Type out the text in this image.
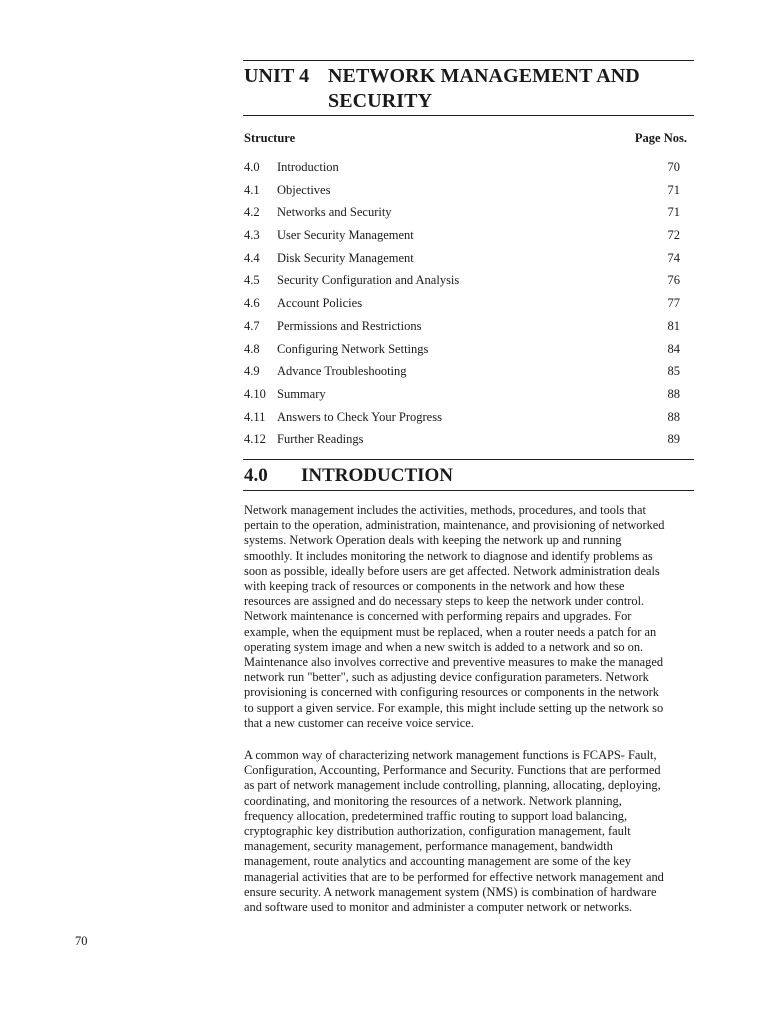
UNIT 4 NETWORK MANAGEMENT AND
SECURITY
Structure	Page Nos.
4.0 Introduction	70
4.1 Objectives	71
4.2 Networks and Security	71
4.3 User Security Management	72
4.4 Disk Security Management	74
4.5 Security Configuration and Analysis	76
4.6 Account Policies	77
4.7 Permissions and Restrictions	81
4.8 Configuring Network Settings	84
4.9 Advance Troubleshooting	85
4.10 Summary	88
4.11 Answers to Check Your Progress	88
4.12 Further Readings	89
4.0 INTRODUCTION

Network management includes the activities, methods, procedures, and tools that
pertain to the operation, administration, maintenance, and provisioning of networked
systems. Network Operation deals with keeping the network up and running
smoothly. It includes monitoring the network to diagnose and identify problems as
soon as possible, ideally before users are get affected. Network administration deals
with keeping track of resources or components in the network and how these
resources are assigned and do necessary steps to keep the network under control.
Network maintenance is concerned with performing repairs and upgrades. For
example, when the equipment must be replaced, when a router needs a patch for an
operating system image and when a new switch is added to a network and so on.
Maintenance also involves corrective and preventive measures to make the managed
network run "better", such as adjusting device configuration parameters. Network
provisioning is concerned with configuring resources or components in the network
to support a given service. For example, this might include setting up the network so
that a new customer can receive voice service.

A common way of characterizing network management functions is FCAPS- Fault,
Configuration, Accounting, Performance and Security. Functions that are performed
as part of network management include controlling, planning, allocating, deploying,
coordinating, and monitoring the resources of a network. Network planning,
frequency allocation, predetermined traffic routing to support load balancing,
cryptographic key distribution authorization, configuration management, fault
management, security management, performance management, bandwidth
management, route analytics and accounting management are some of the key
managerial activities that are to be performed for effective network management and
ensure security. A network management system (NMS) is combination of hardware
and software used to monitor and administer a computer network or networks.

70
